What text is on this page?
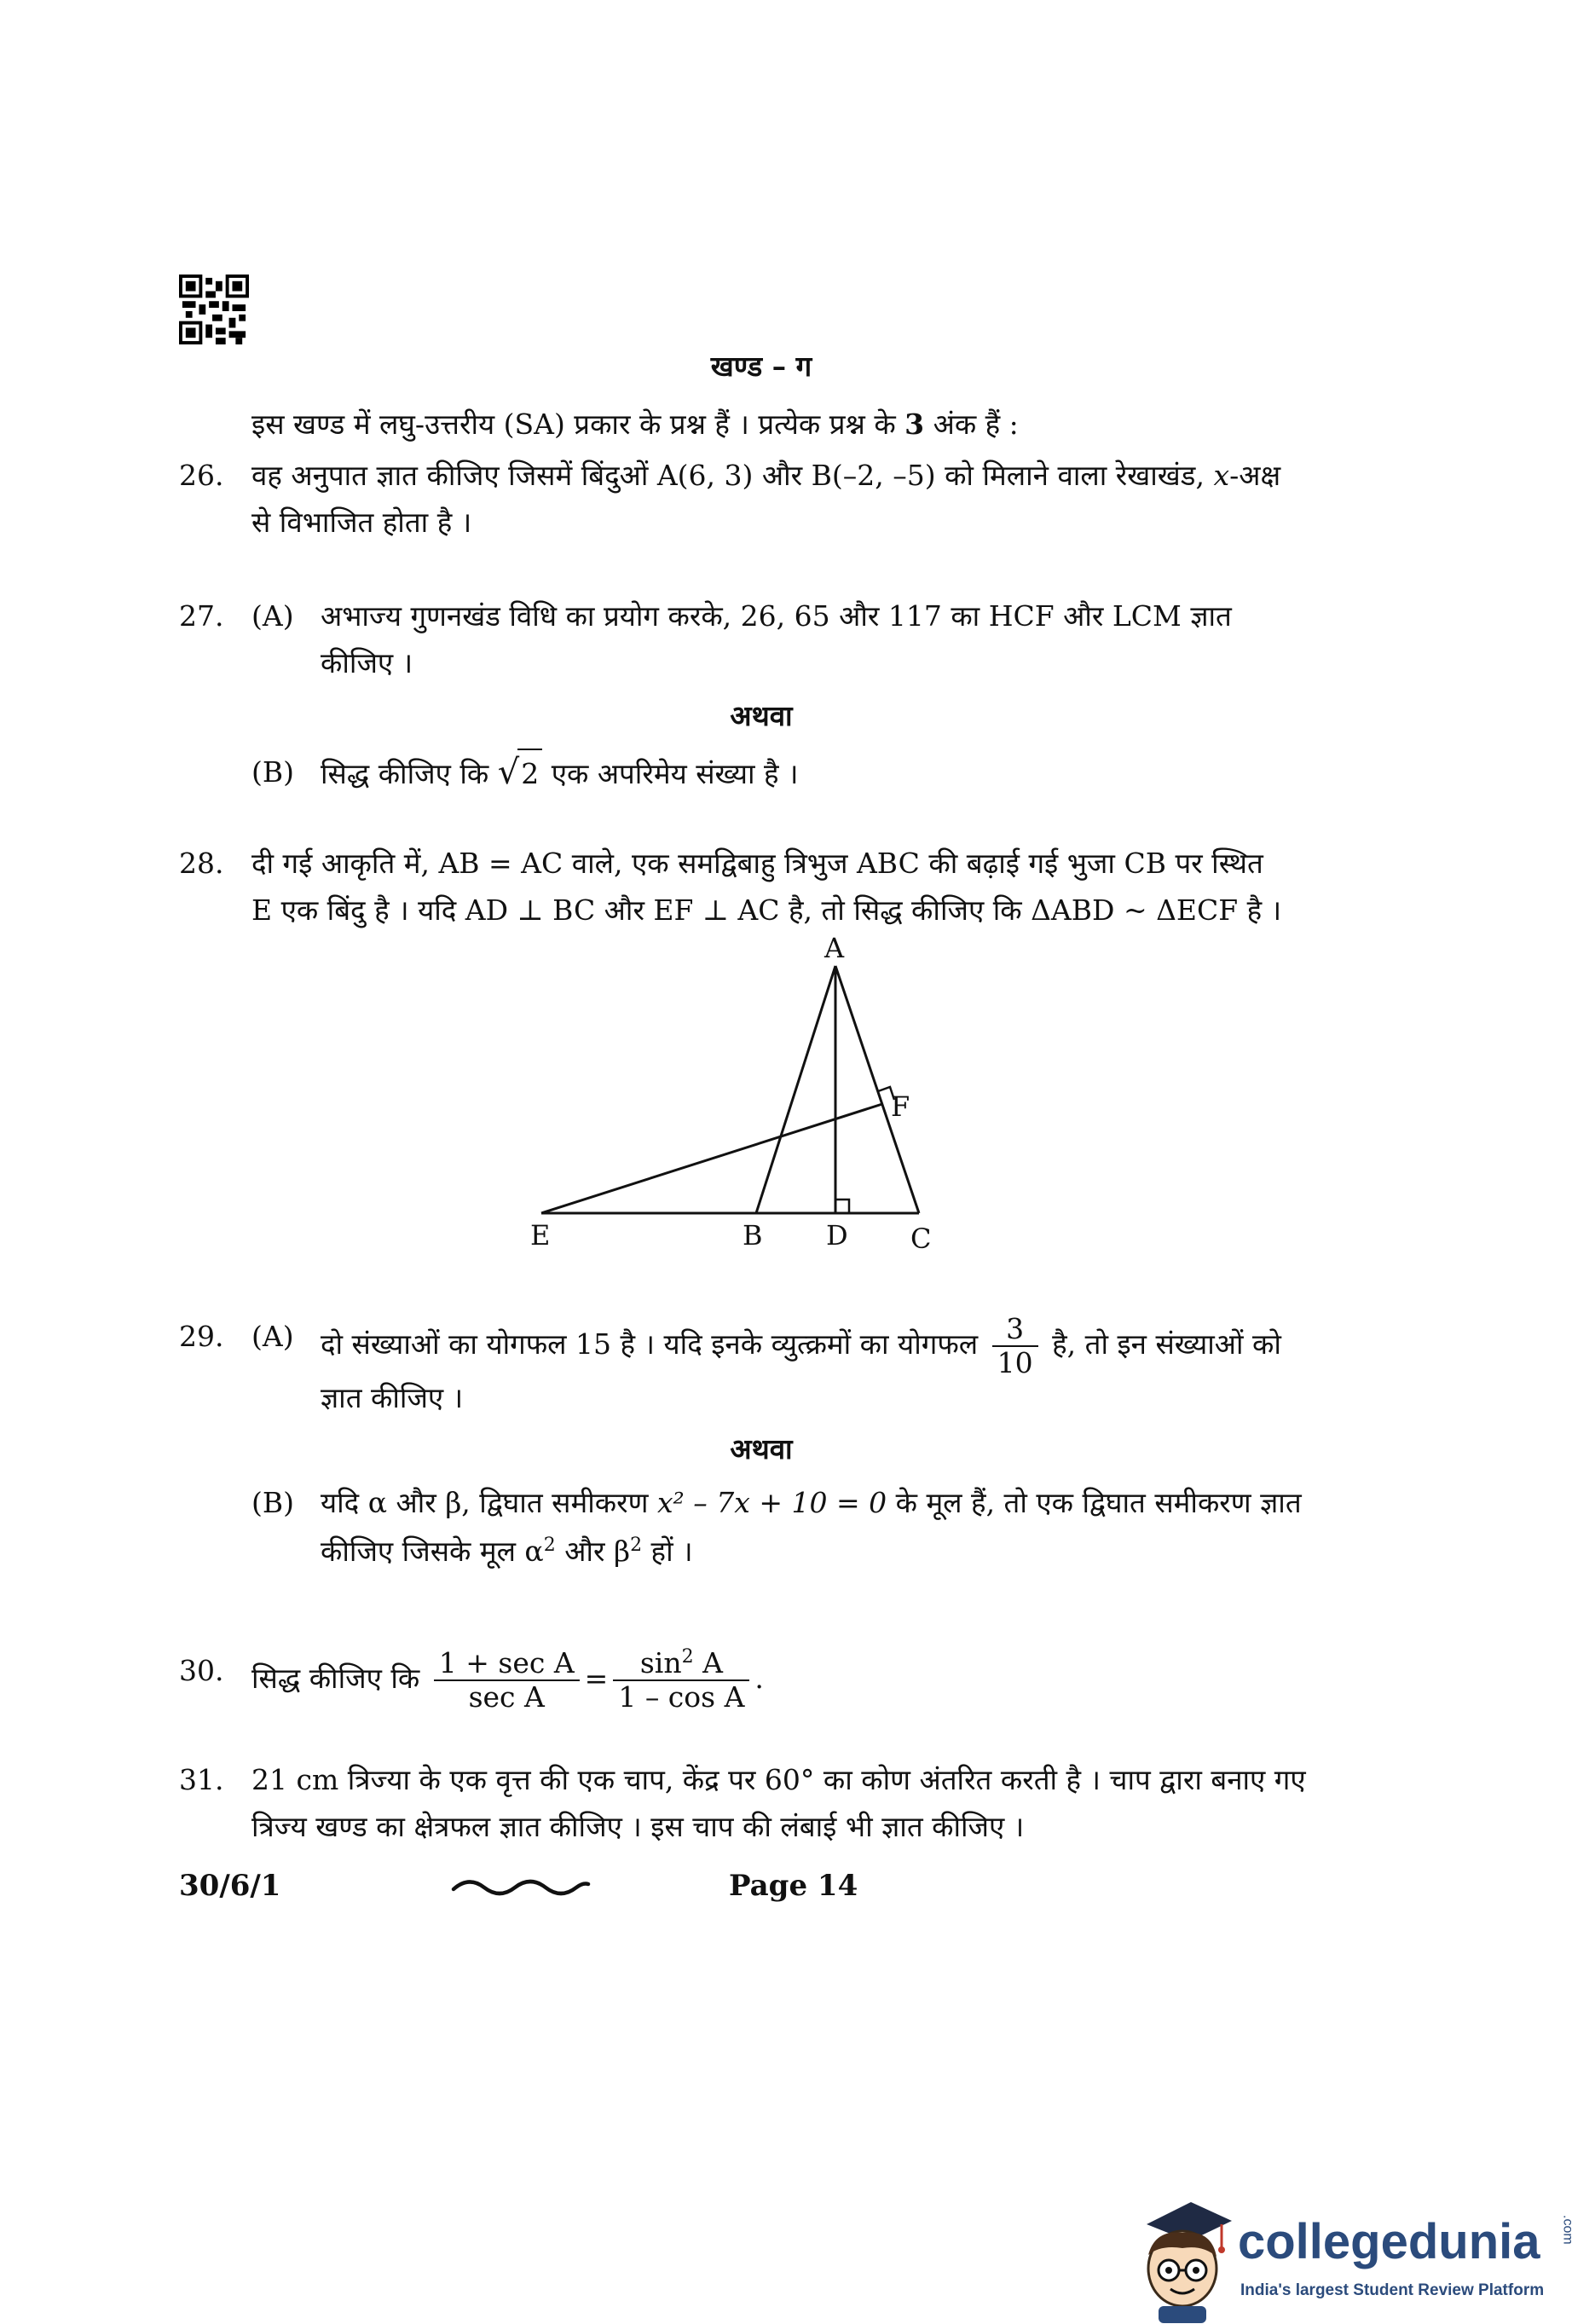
खण्ड – ग
इस खण्ड में लघु-उत्तरीय (SA) प्रकार के प्रश्न हैं । प्रत्येक प्रश्न के 3 अंक हैं :
26. वह अनुपात ज्ञात कीजिए जिसमें बिंदुओं A(6, 3) और B(–2, –5) को मिलाने वाला रेखाखंड, x-अक्ष
से विभाजित होता है ।
27. (A) अभाज्य गुणनखंड विधि का प्रयोग करके, 26, 65 और 117 का HCF और LCM ज्ञात
कीजिए ।
अथवा
(B) सिद्ध कीजिए कि √2 एक अपरिमेय संख्या है ।
28. दी गई आकृति में, AB = AC वाले, एक समद्विबाहु त्रिभुज ABC की बढ़ाई गई भुजा CB पर स्थित
E एक बिंदु है । यदि AD ⊥ BC और EF ⊥ AC है, तो सिद्ध कीजिए कि ΔABD ~ ΔECF है ।
A
F
E	B D C
29. (A) दो संख्याओं का योगफल 15 है । यदि इनके व्युत्क्रमों का योगफल $\frac{3}{10}$ है, तो इन संख्याओं को
ज्ञात कीजिए ।
अथवा
(B) यदि α और β, द्विघात समीकरण x² – 7x + 10 = 0 के मूल हैं, तो एक द्विघात समीकरण ज्ञात
कीजिए जिसके मूल $\alpha^2$ और $\beta^2$ हों ।
30. सिद्ध कीजिए कि $\frac{\text{1 + sec A}}{\text{sec A}} = \frac{\sin^2 A}{\text{1 – cos A}}$ .
31. 21 cm त्रिज्या के एक वृत्त की एक चाप, केंद्र पर 60° का कोण अंतरित करती है । चाप द्वारा बनाए गए
त्रिज्य खण्ड का क्षेत्रफल ज्ञात कीजिए । इस चाप की लंबाई भी ज्ञात कीजिए ।
30/6/1	Page 14
collegedunia .com
India's largest Student Review Platform
